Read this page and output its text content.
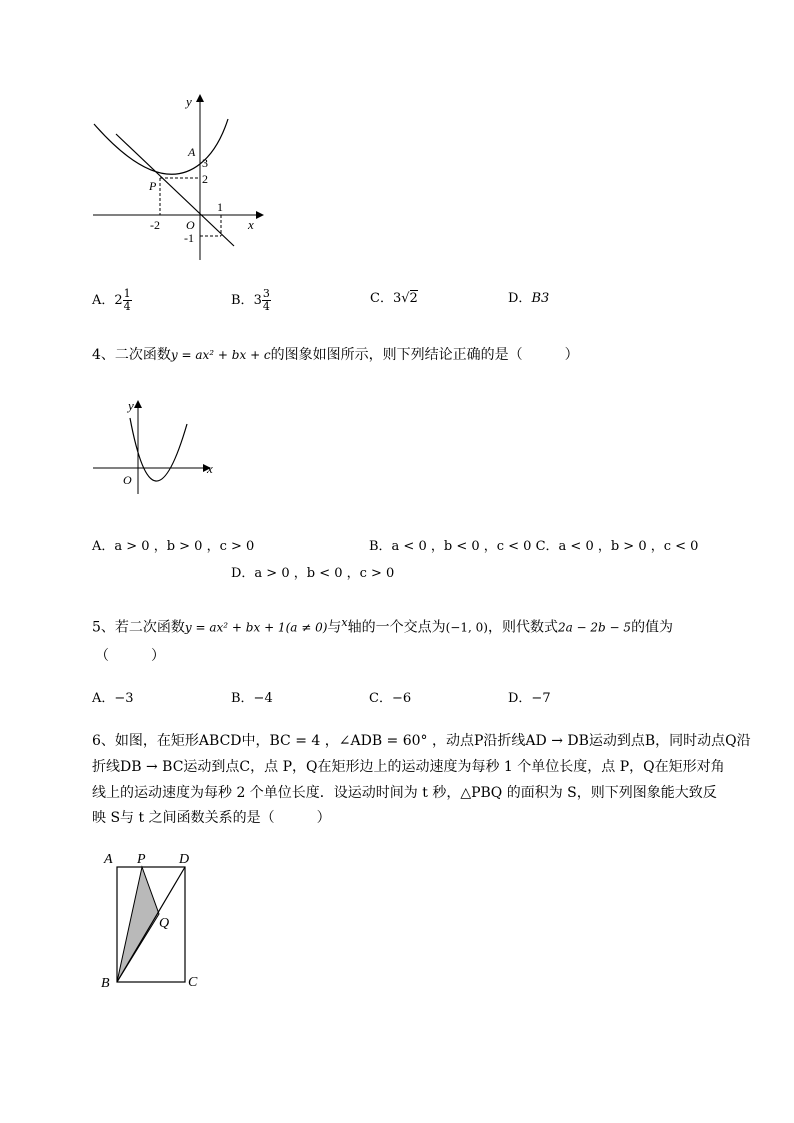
y
x
A
3
2
P
1
-2 O
-1
A．$2 \frac{1}{4}$	B．$3 \frac{3}{4}$	C．3√2	D．B3
4、二次函数y = ax² + bx + c的图象如图所示，则下列结论正确的是（　　　）
y
x
O
A．a > 0 ，b > 0 ，c > 0	B．a < 0 ，b < 0 ，c < 0 C．a < 0 ，b > 0 ，c < 0
D．a > 0 ，b < 0 ，c > 0
5、若二次函数y = ax² + bx + 1(a ≠ 0)与$^x$轴的一个交点为(−1, 0)，则代数式2a − 2b − 5的值为
（　　　）
A．−3	B．−4	C．−6	D．−7
6、如图，在矩形ABCD中，BC = 4 ，∠ADB = 60° ，动点P沿折线AD → DB运动到点B，同时动点Q沿
折线DB → BC运动到点C，点 P，Q在矩形边上的运动速度为每秒 1 个单位长度，点 P，Q在矩形对角
线上的运动速度为每秒 2 个单位长度．设运动时间为 t 秒，△PBQ 的面积为 S，则下列图象能大致反
映 S与 t 之间函数关系的是（　　　）
A P D
Q
B	C
